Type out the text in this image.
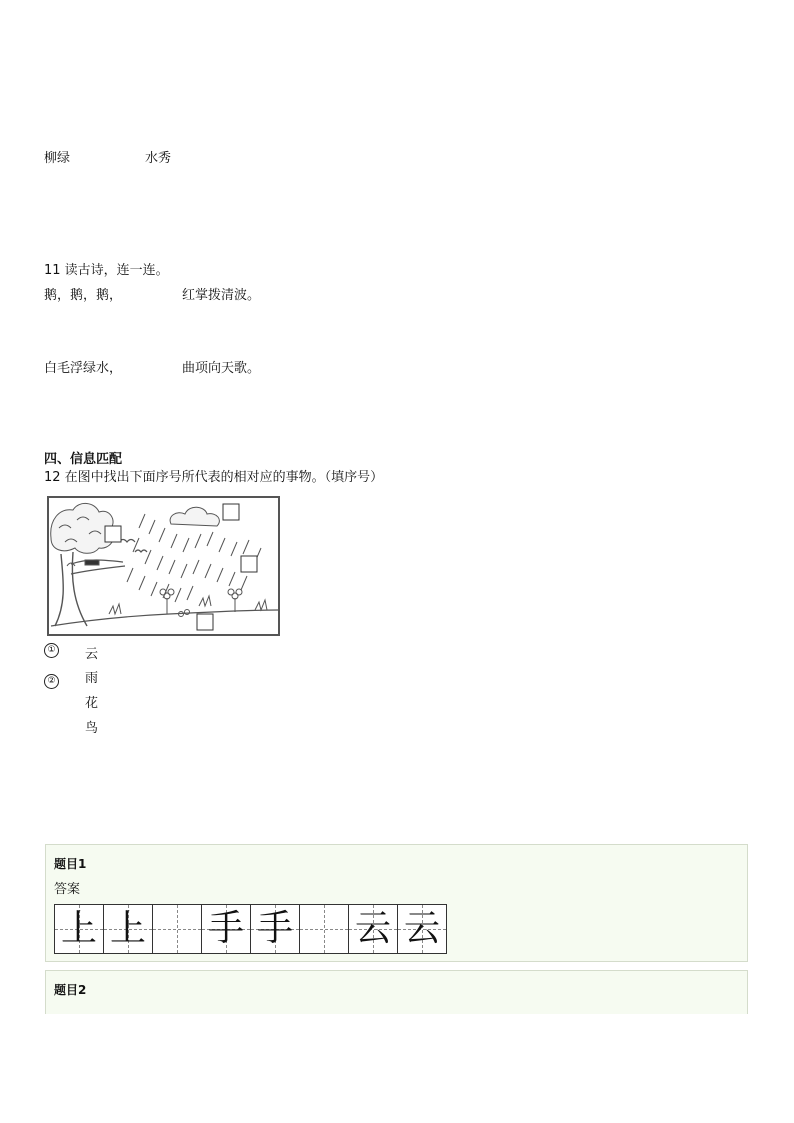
柳绿	水秀
11 读古诗，连一连。
鹅，鹅，鹅，	红掌拨清波。
白毛浮绿水，	曲项向天歌。
四、信息匹配
12 在图中找出下面序号所代表的相对应的事物。（填序号）
①
②
云
雨
花
鸟
题目1
答案
上 上 手 手 云 云
题目2
